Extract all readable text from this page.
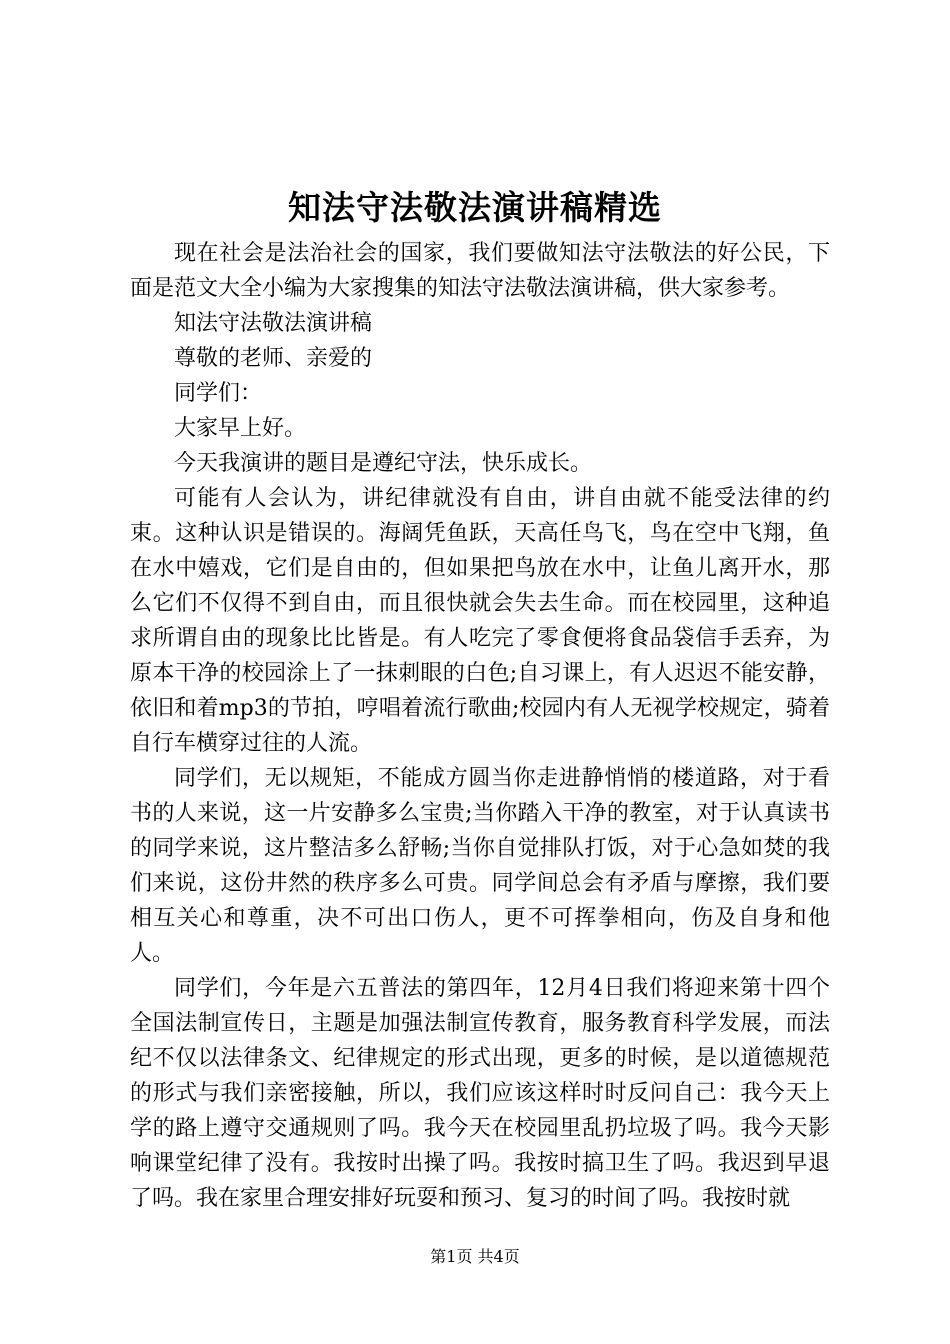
知法守法敬法演讲稿精选

现在社会是法治社会的国家，我们要做知法守法敬法的好公民，下面是范文大全小编为大家搜集的知法守法敬法演讲稿，供大家参考。

知法守法敬法演讲稿

尊敬的老师、亲爱的

同学们：

大家早上好。

今天我演讲的题目是遵纪守法，快乐成长。

可能有人会认为，讲纪律就没有自由，讲自由就不能受法律的约束。这种认识是错误的。海阔凭鱼跃，天高任鸟飞，鸟在空中飞翔，鱼在水中嬉戏，它们是自由的，但如果把鸟放在水中，让鱼儿离开水，那么它们不仅得不到自由，而且很快就会失去生命。而在校园里，这种追求所谓自由的现象比比皆是。有人吃完了零食便将食品袋信手丢弃，为原本干净的校园涂上了一抹刺眼的白色;自习课上，有人迟迟不能安静，依旧和着mp3的节拍，哼唱着流行歌曲;校园内有人无视学校规定，骑着自行车横穿过往的人流。

同学们，无以规矩，不能成方圆当你走进静悄悄的楼道路，对于看书的人来说，这一片安静多么宝贵;当你踏入干净的教室，对于认真读书的同学来说，这片整洁多么舒畅;当你自觉排队打饭，对于心急如焚的我们来说，这份井然的秩序多么可贵。同学间总会有矛盾与摩擦，我们要相互关心和尊重，决不可出口伤人，更不可挥拳相向，伤及自身和他人。

同学们，今年是六五普法的第四年，12月4日我们将迎来第十四个全国法制宣传日，主题是加强法制宣传教育，服务教育科学发展，而法纪不仅以法律条文、纪律规定的形式出现，更多的时候，是以道德规范的形式与我们亲密接触，所以，我们应该这样时时反问自己：我今天上学的路上遵守交通规则了吗。我今天在校园里乱扔垃圾了吗。我今天影响课堂纪律了没有。我按时出操了吗。我按时搞卫生了吗。我迟到早退了吗。我在家里合理安排好玩耍和预习、复习的时间了吗。我按时就

第1页 共4页
